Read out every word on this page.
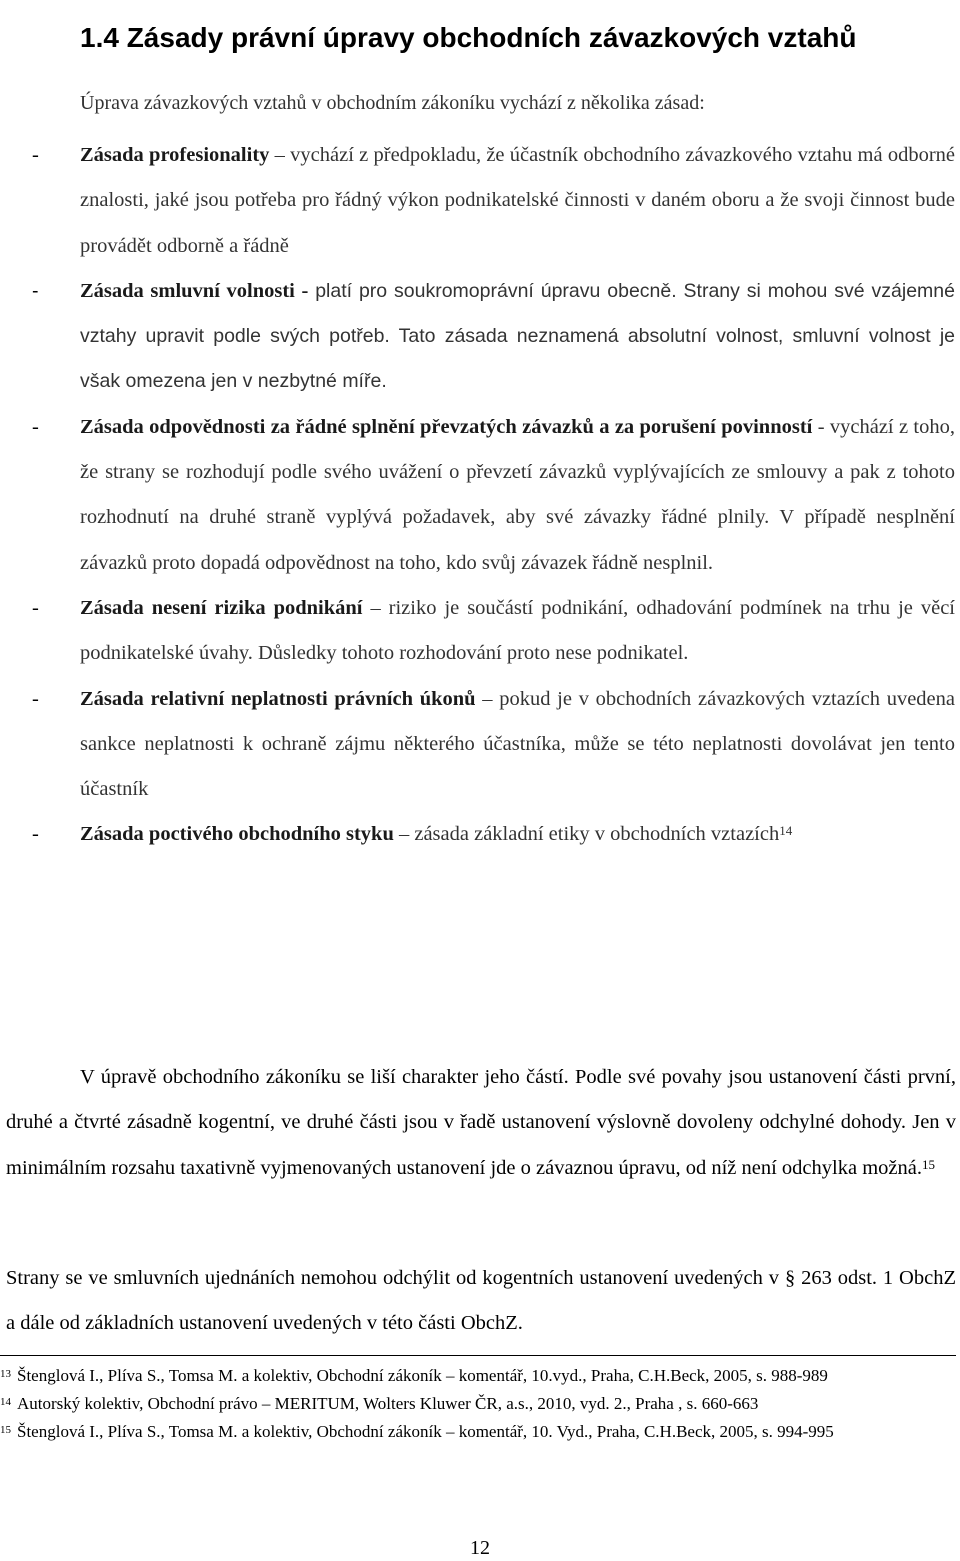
1.4 Zásady právní úpravy obchodních závazkových vztahů

Úprava závazkových vztahů v obchodním zákoníku vychází z několika zásad:

- Zásada profesionality – vychází z předpokladu, že účastník obchodního závazkového vztahu má odborné znalosti, jaké jsou potřeba pro řádný výkon podnikatelské činnosti v daném oboru a že svoji činnost bude provádět odborně a řádně
- Zásada smluvní volnosti - platí pro soukromoprávní úpravu obecně. Strany si mohou své vzájemné vztahy upravit podle svých potřeb. Tato zásada neznamená absolutní volnost, smluvní volnost je však omezena jen v nezbytné míře.
- Zásada odpovědnosti za řádné splnění převzatých závazků a za porušení povinností - vychází z toho, že strany se rozhodují podle svého uvážení o převzetí závazků vyplývajících ze smlouvy a pak z tohoto rozhodnutí na druhé straně vyplývá požadavek, aby své závazky řádné plnily. V případě nesplnění závazků proto dopadá odpovědnost na toho, kdo svůj závazek řádně nesplnil.
- Zásada nesení rizika podnikání – riziko je součástí podnikání, odhadování podmínek na trhu je věcí podnikatelské úvahy. Důsledky tohoto rozhodování proto nese podnikatel.
- Zásada relativní neplatnosti právních úkonů – pokud je v obchodních závazkových vztazích uvedena sankce neplatnosti k ochraně zájmu některého účastníka, může se této neplatnosti dovolávat jen tento účastník
- Zásada poctivého obchodního styku – zásada základní etiky v obchodních vztazích$^{14}$

V úpravě obchodního zákoníku se liší charakter jeho částí. Podle své povahy jsou ustanovení části první, druhé a čtvrté zásadně kogentní, ve druhé části jsou v řadě ustanovení výslovně dovoleny odchylné dohody. Jen v minimálním rozsahu taxativně vyjmenovaných ustanovení jde o závaznou úpravu, od níž není odchylka možná.$^{15}$

Strany se ve smluvních ujednáních nemohou odchýlit od kogentních ustanovení uvedených v § 263 odst. 1 ObchZ a dále od základních ustanovení uvedených v této části ObchZ.

$^{13}$ Štenglová I., Plíva S., Tomsa M. a kolektiv, Obchodní zákoník – komentář, 10.vyd., Praha, C.H.Beck, 2005, s. 988-989
$^{14}$ Autorský kolektiv, Obchodní právo – MERITUM, Wolters Kluwer ČR, a.s., 2010, vyd. 2., Praha , s. 660-663
$^{15}$ Štenglová I., Plíva S., Tomsa M. a kolektiv, Obchodní zákoník – komentář, 10. Vyd., Praha, C.H.Beck, 2005, s. 994-995
12
